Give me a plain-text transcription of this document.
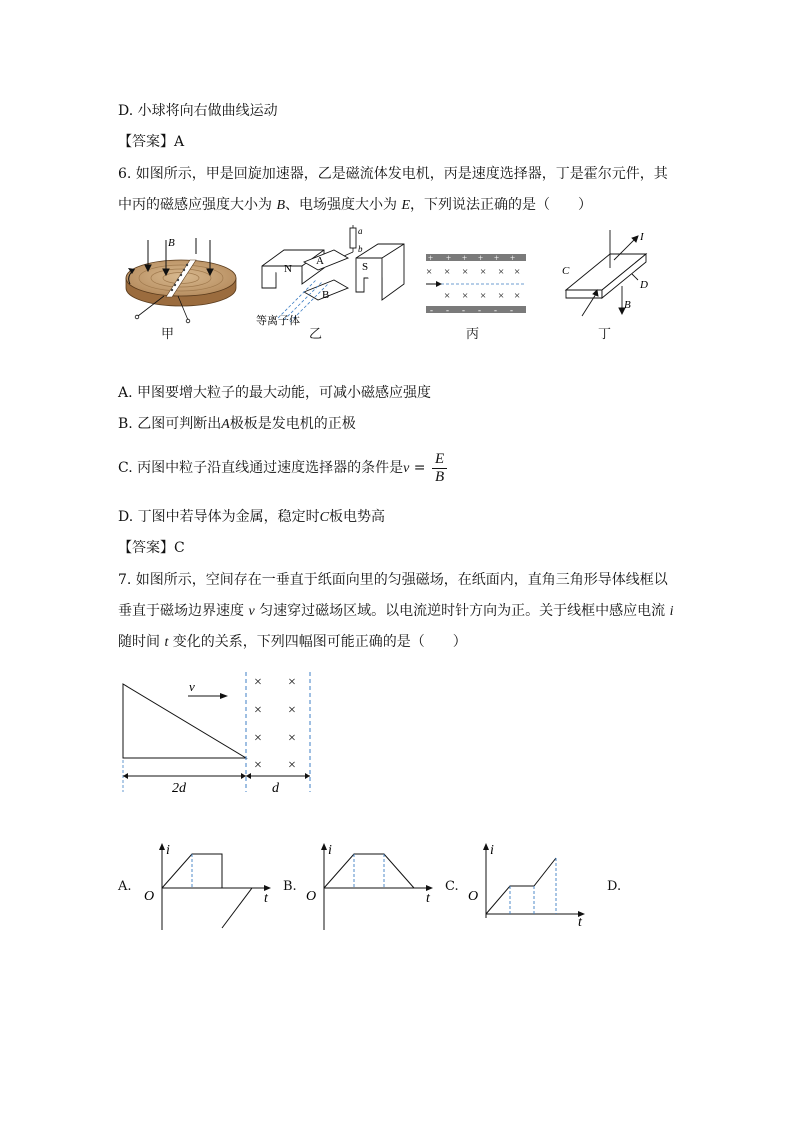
D. 小球将向右做曲线运动
【答案】A
6. 如图所示，甲是回旋加速器，乙是磁流体发电机，丙是速度选择器，丁是霍尔元件，其
中丙的磁感应强度大小为 B、电场强度大小为 E，下列说法正确的是（　　）
B
甲
N	S
A
B
a
b
等离子体
乙
+ + + + + +
- - - - - -
× × × × × ×
× × × × ×
丙
I
C
D
B
丁
A. 甲图要增大粒子的最大动能，可减小磁感应强度
B. 乙图可判断出A极板是发电机的正极
C. 丙图中粒子沿直线通过速度选择器的条件是$v = \frac{E}{B}$
D. 丁图中若导体为金属，稳定时C板电势高
【答案】C
7. 如图所示，空间存在一垂直于纸面向里的匀强磁场，在纸面内，直角三角形导体线框以
垂直于磁场边界速度 v 匀速穿过磁场区域。以电流逆时针方向为正。关于线框中感应电流 i
随时间 t 变化的关系，下列四幅图可能正确的是（　　）
v	× ×
× ×
× ×
× ×
2d	d
A.
i
O	t
B.
i
O	t
C.
i
O
t
D.
